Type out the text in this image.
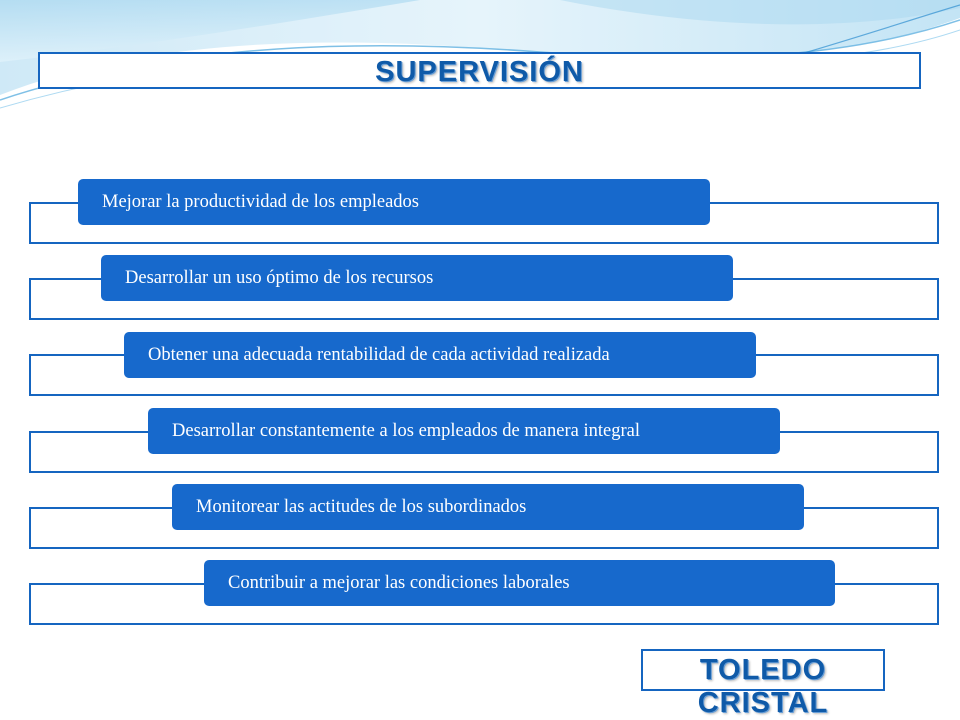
SUPERVISIÓN
Mejorar la productividad de los empleados
Desarrollar un uso óptimo de los recursos
Obtener una adecuada rentabilidad de cada actividad realizada
Desarrollar constantemente a los empleados de manera integral
Monitorear las actitudes de los subordinados
Contribuir a mejorar las condiciones laborales
TOLEDO CRISTAL
